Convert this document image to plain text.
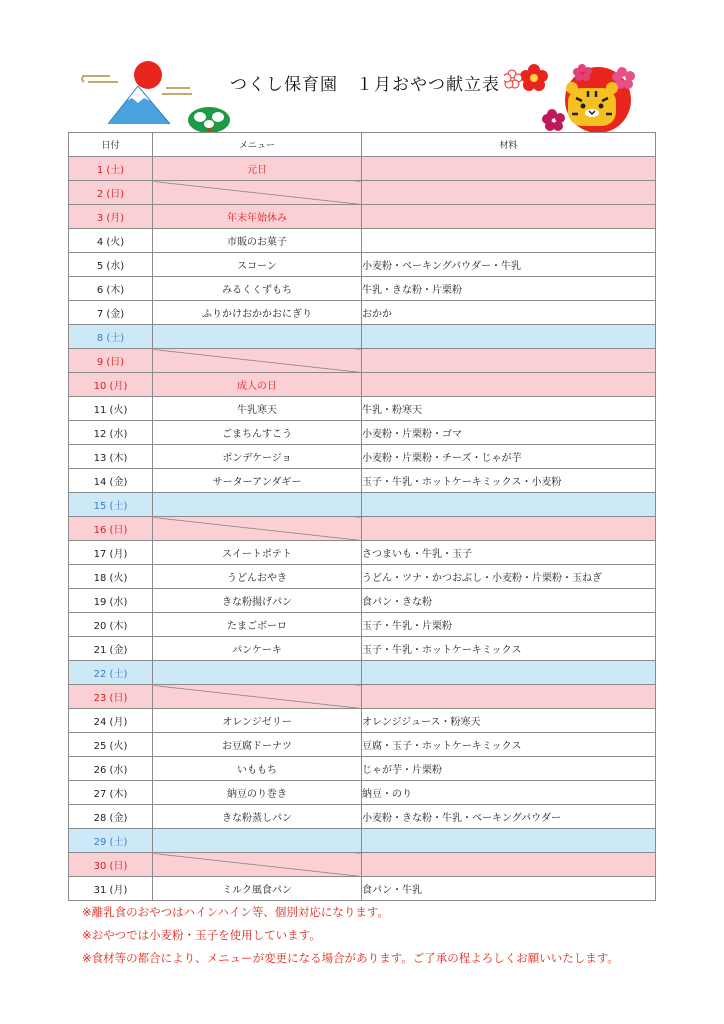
つくし保育園　１月おやつ献立表
日付	メニュー	材料
1 (土)	元日	
2 (日)		
3 (月)	年末年始休み	
4 (火)	市販のお菓子	
5 (水)	スコーン	小麦粉・ベーキングパウダー・牛乳
6 (木)	みるくくずもち	牛乳・きな粉・片栗粉
7 (金)	ふりかけおかかおにぎり	おかか
8 (土)		
9 (日)		
10 (月)	成人の日	
11 (火)	牛乳寒天	牛乳・粉寒天
12 (水)	ごまちんすこう	小麦粉・片栗粉・ゴマ
13 (木)	ポンデケージョ	小麦粉・片栗粉・チーズ・じゃが芋
14 (金)	サーターアンダギー	玉子・牛乳・ホットケーキミックス・小麦粉
15 (土)		
16 (日)		
17 (月)	スイートポテト	さつまいも・牛乳・玉子
18 (火)	うどんおやき	うどん・ツナ・かつおぶし・小麦粉・片栗粉・玉ねぎ
19 (水)	きな粉揚げパン	食パン・きな粉
20 (木)	たまごボーロ	玉子・牛乳・片栗粉
21 (金)	パンケーキ	玉子・牛乳・ホットケーキミックス
22 (土)		
23 (日)		
24 (月)	オレンジゼリー	オレンジジュース・粉寒天
25 (火)	お豆腐ドーナツ	豆腐・玉子・ホットケーキミックス
26 (水)	いももち	じゃが芋・片栗粉
27 (木)	納豆のり巻き	納豆・のり
28 (金)	きな粉蒸しパン	小麦粉・きな粉・牛乳・ベーキングパウダー
29 (土)		
30 (日)		
31 (月)	ミルク風食パン	食パン・牛乳
※離乳食のおやつはハインハイン等、個別対応になります。
※おやつでは小麦粉・玉子を使用しています。
※食材等の都合により、メニューが変更になる場合があります。ご了承の程よろしくお願いいたします。
